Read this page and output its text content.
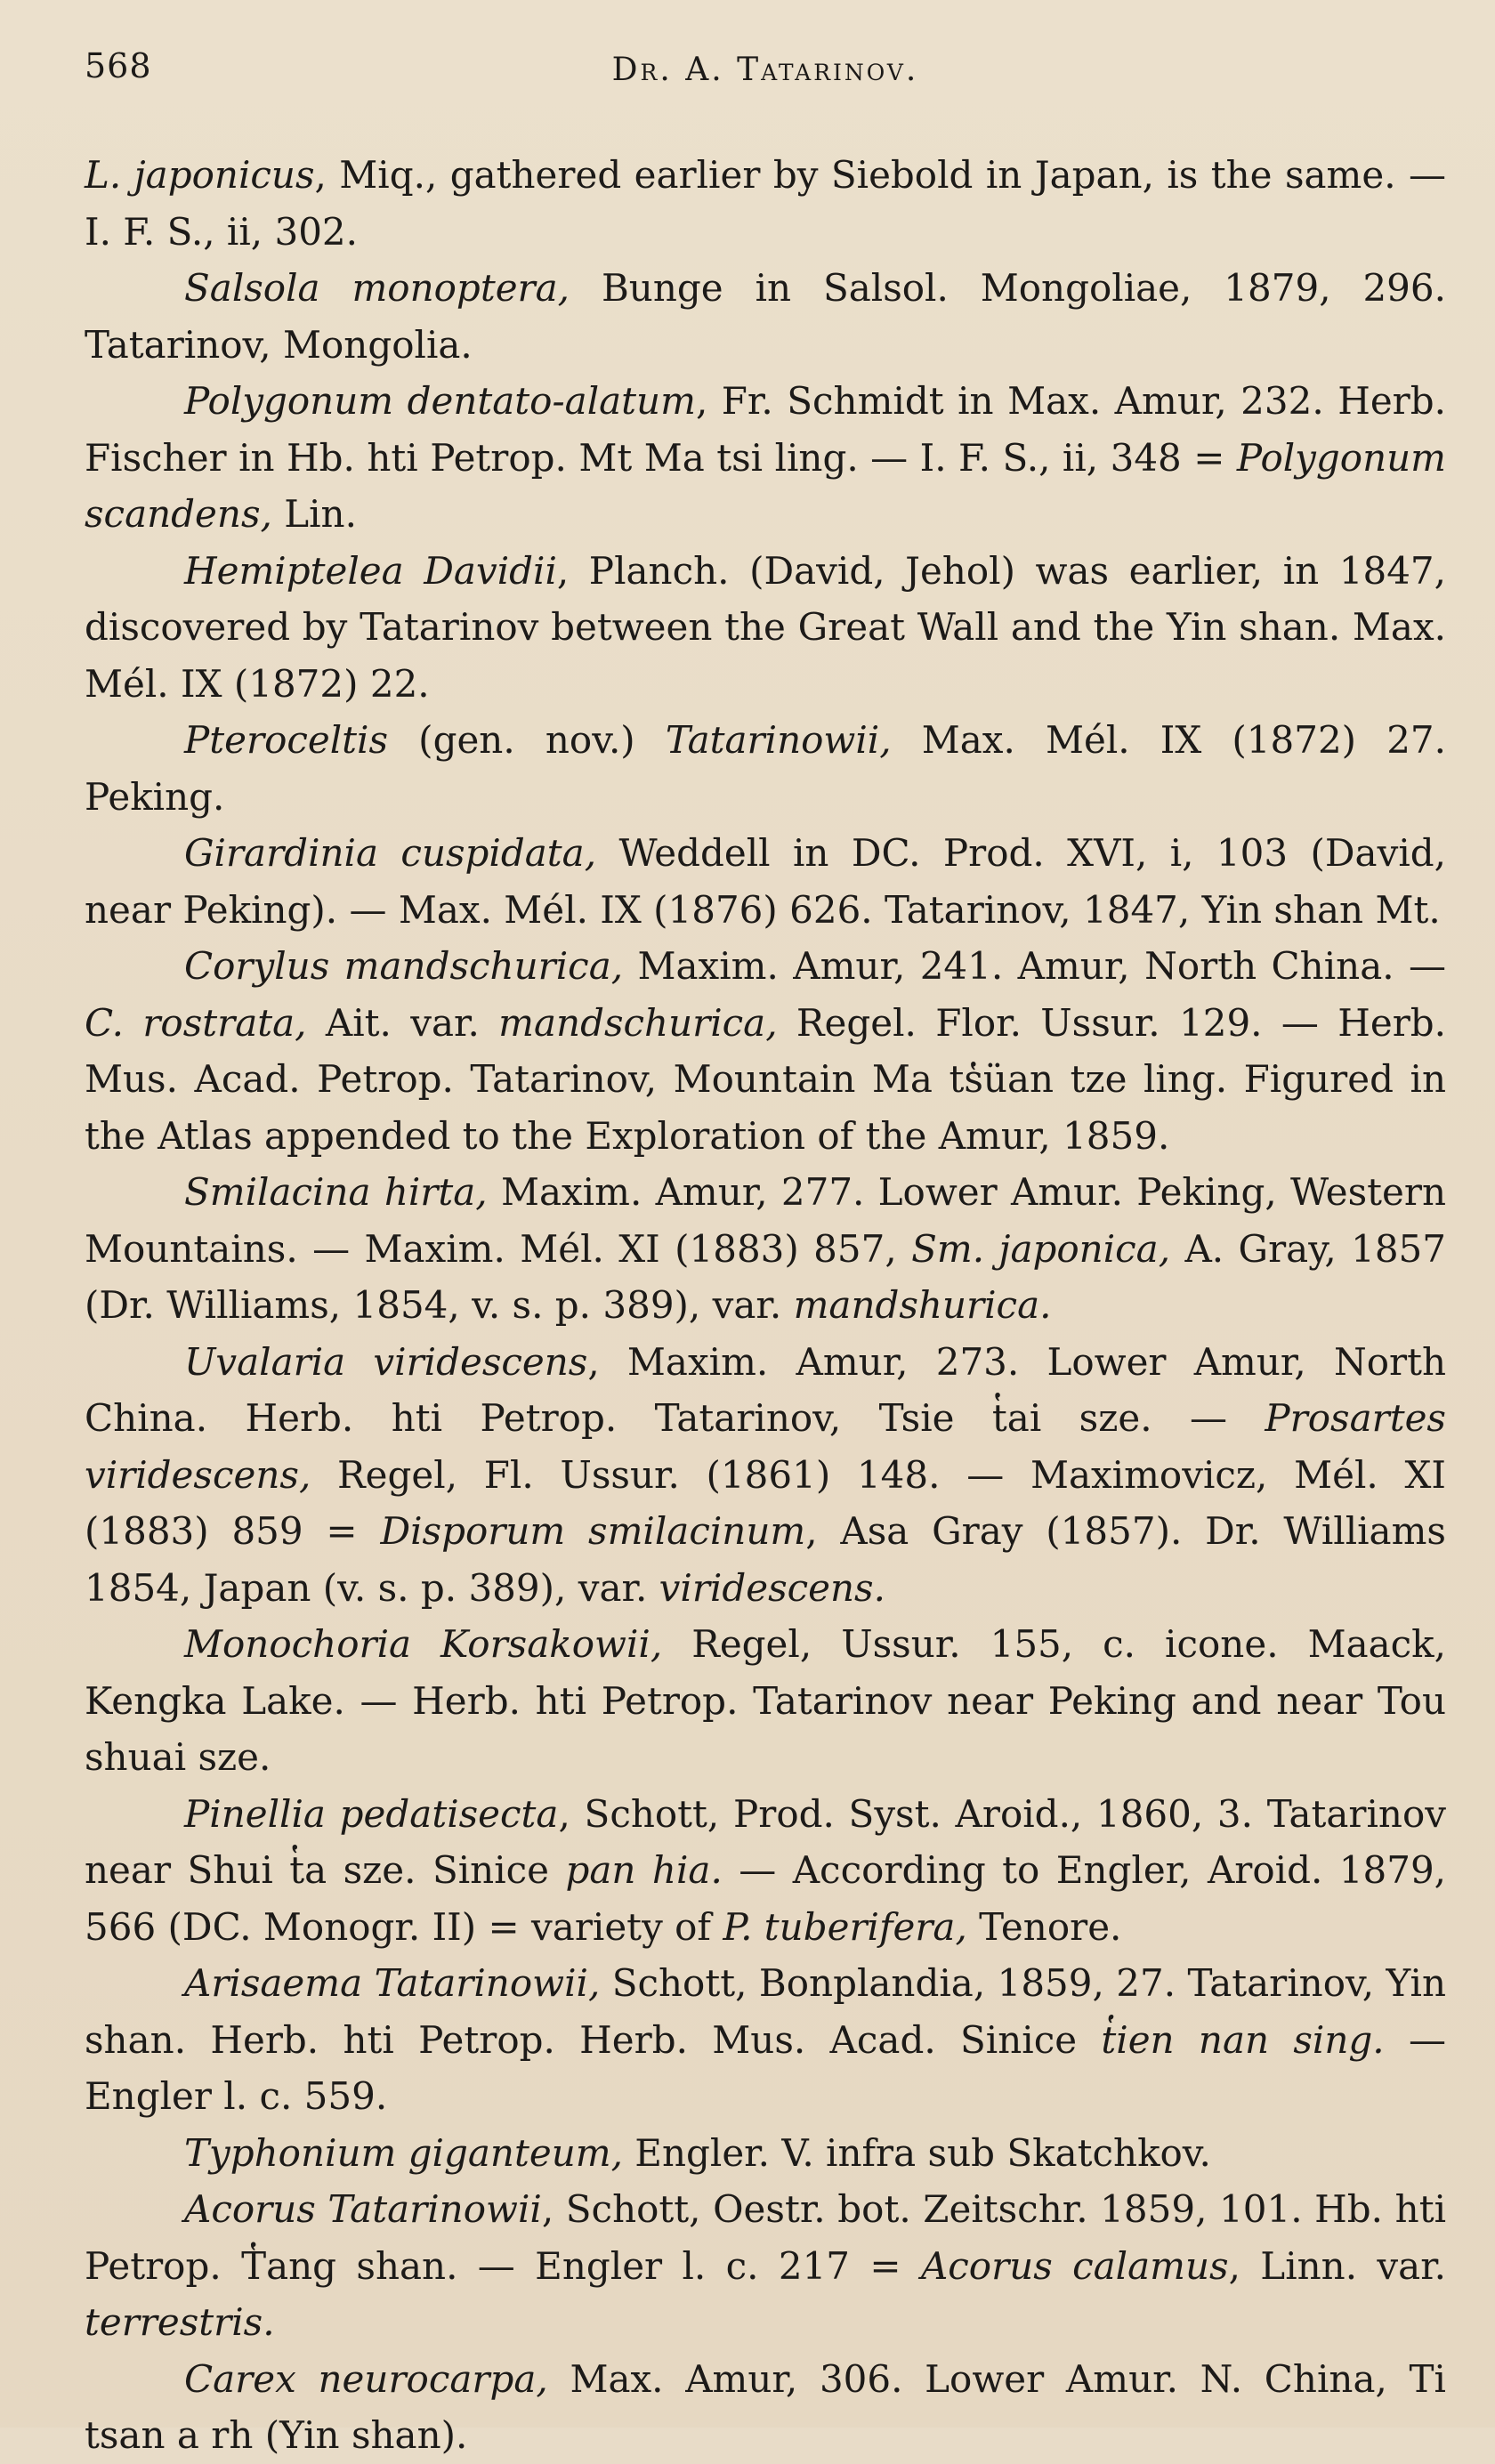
568	Dr. A. Tatarinov.

L. japonicus, Miq., gathered earlier by Siebold in Japan, is the same. — I. F. S., ii, 302.

Salsola monoptera, Bunge in Salsol. Mongoliae, 1879, 296. Tatarinov, Mongolia.

Polygonum dentato-alatum, Fr. Schmidt in Max. Amur, 232. Herb. Fischer in Hb. hti Petrop. Mt Ma tsi ling. — I. F. S., ii, 348 = Polygonum scandens, Lin.

Hemiptelea Davidii, Planch. (David, Jehol) was earlier, in 1847, discovered by Tatarinov between the Great Wall and the Yin shan. Max. Mél. IX (1872) 22.

Pteroceltis (gen. nov.) Tatarinowii, Max. Mél. IX (1872) 27. Peking.

Girardinia cuspidata, Weddell in DC. Prod. XVI, i, 103 (David, near Peking). — Max. Mél. IX (1876) 626. Tatarinov, 1847, Yin shan Mt.

Corylus mandschurica, Maxim. Amur, 241. Amur, North China. — C. rostrata, Ait. var. mandschurica, Regel. Flor. Ussur. 129. — Herb. Mus. Acad. Petrop. Tatarinov, Mountain Ma ts̔üan tze ling. Figured in the Atlas appended to the Exploration of the Amur, 1859.

Smilacina hirta, Maxim. Amur, 277. Lower Amur. Peking, Western Mountains. — Maxim. Mél. XI (1883) 857, Sm. japonica, A. Gray, 1857 (Dr. Williams, 1854, v. s. p. 389), var. mandshurica.

Uvalaria viridescens, Maxim. Amur, 273. Lower Amur, North China. Herb. hti Petrop. Tatarinov, Tsie t̔ai sze. — Prosartes viridescens, Regel, Fl. Ussur. (1861) 148. — Maximovicz, Mél. XI (1883) 859 = Disporum smilacinum, Asa Gray (1857). Dr. Williams 1854, Japan (v. s. p. 389), var. viridescens.

Monochoria Korsakowii, Regel, Ussur. 155, c. icone. Maack, Kengka Lake. — Herb. hti Petrop. Tatarinov near Peking and near Tou shuai sze.

Pinellia pedatisecta, Schott, Prod. Syst. Aroid., 1860, 3. Tatarinov near Shui t̔a sze. Sinice pan hia. — According to Engler, Aroid. 1879, 566 (DC. Monogr. II) = variety of P. tuberifera, Tenore.

Arisaema Tatarinowii, Schott, Bonplandia, 1859, 27. Tatarinov, Yin shan. Herb. hti Petrop. Herb. Mus. Acad. Sinice t̔ien nan sing. — Engler l. c. 559.

Typhonium giganteum, Engler. V. infra sub Skatchkov.

Acorus Tatarinowii, Schott, Oestr. bot. Zeitschr. 1859, 101. Hb. hti Petrop. T̔ang shan. — Engler l. c. 217 = Acorus calamus, Linn. var. terrestris.

Carex neurocarpa, Max. Amur, 306. Lower Amur. N. China, Ti tsan a rh (Yin shan).
